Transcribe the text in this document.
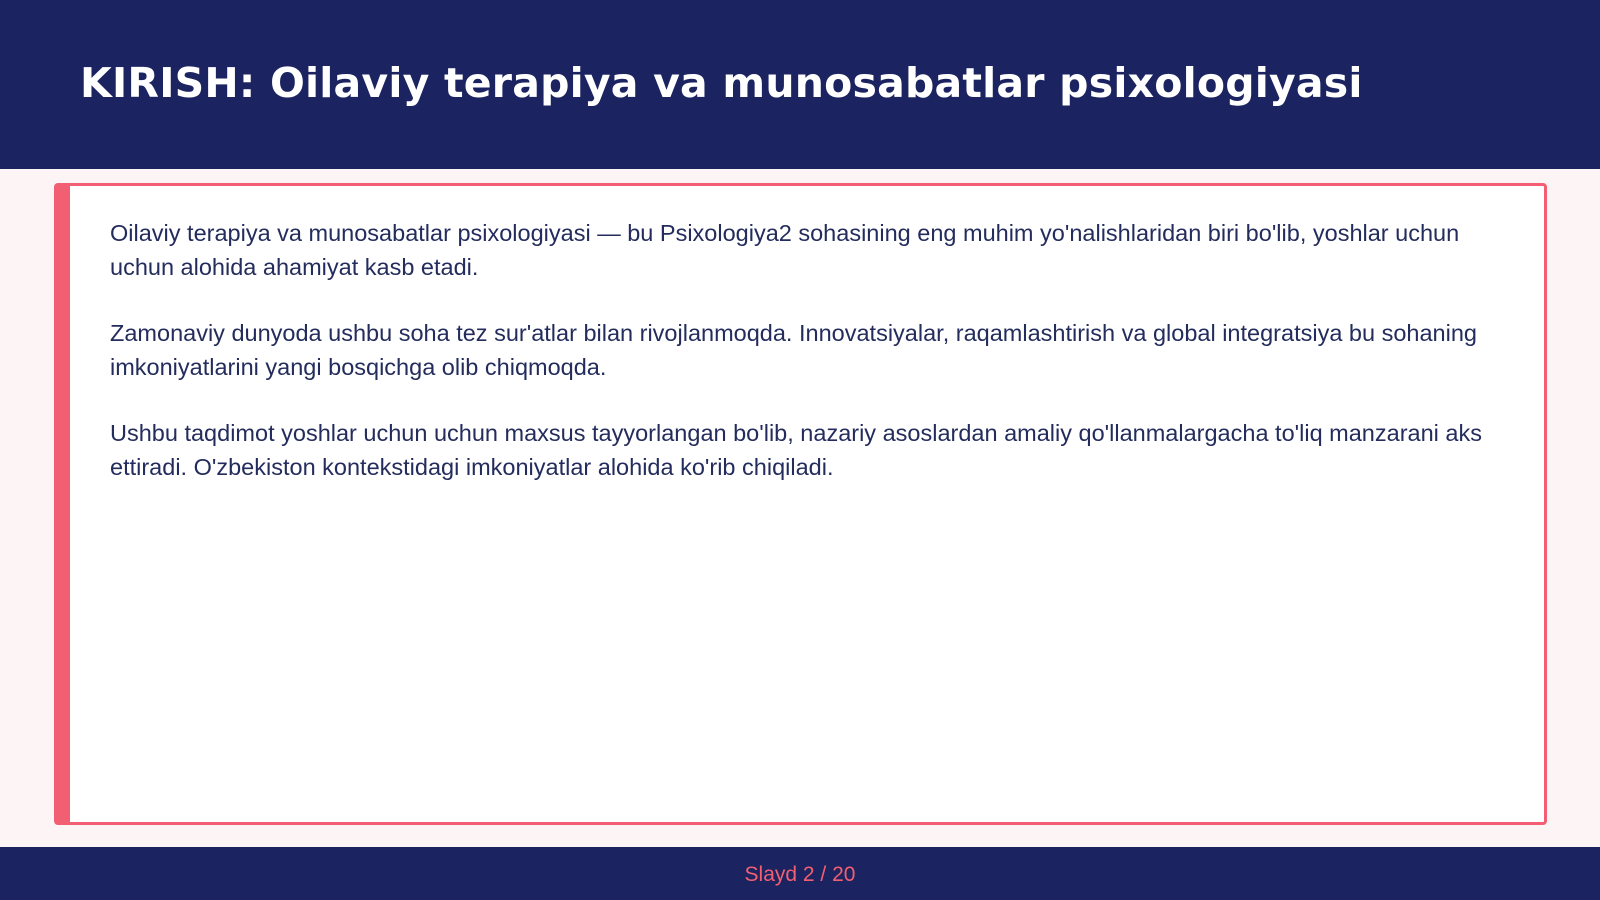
KIRISH: Oilaviy terapiya va munosabatlar psixologiyasi

Oilaviy terapiya va munosabatlar psixologiyasi — bu Psixologiya2 sohasining eng muhim yo'nalishlaridan biri bo'lib, yoshlar uchun uchun alohida ahamiyat kasb etadi.

Zamonaviy dunyoda ushbu soha tez sur'atlar bilan rivojlanmoqda. Innovatsiyalar, raqamlashtirish va global integratsiya bu sohaning imkoniyatlarini yangi bosqichga olib chiqmoqda.

Ushbu taqdimot yoshlar uchun uchun maxsus tayyorlangan bo'lib, nazariy asoslardan amaliy qo'llanmalargacha to'liq manzarani aks ettiradi. O'zbekiston kontekstidagi imkoniyatlar alohida ko'rib chiqiladi.

Slayd 2 / 20
